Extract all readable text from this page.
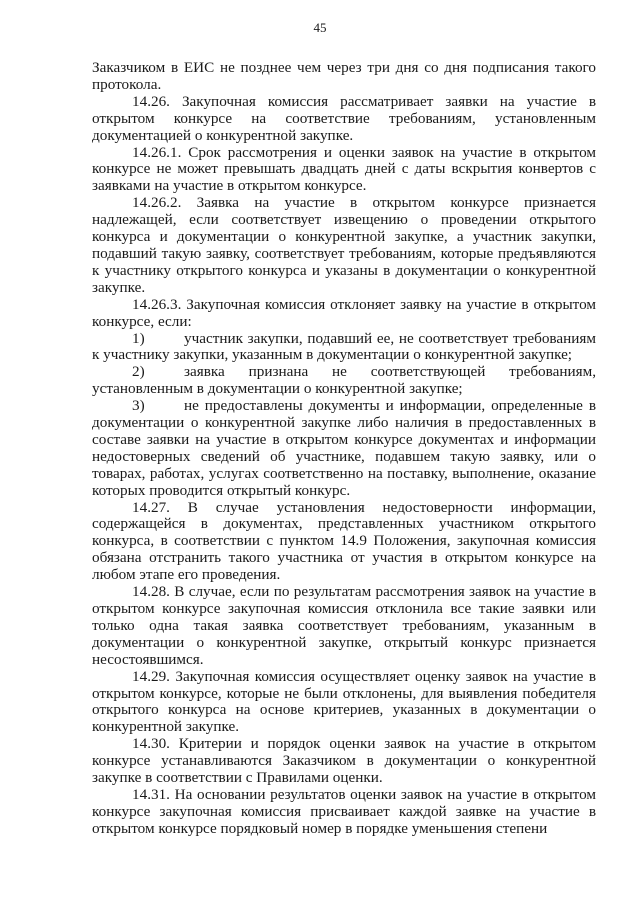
45

Заказчиком в ЕИС не позднее чем через три дня со дня подписания такого протокола.

14.26. Закупочная комиссия рассматривает заявки на участие в открытом конкурсе на соответствие требованиям, установленным документацией о конкурентной закупке.

14.26.1. Срок рассмотрения и оценки заявок на участие в открытом конкурсе не может превышать двадцать дней с даты вскрытия конвертов с заявками на участие в открытом конкурсе.

14.26.2. Заявка на участие в открытом конкурсе признается надлежащей, если соответствует извещению о проведении открытого конкурса и документации о конкурентной закупке, а участник закупки, подавший такую заявку, соответствует требованиям, которые предъявляются к участнику открытого конкурса и указаны в документации о конкурентной закупке.

14.26.3. Закупочная комиссия отклоняет заявку на участие в открытом конкурсе, если:

1)	участник закупки, подавший ее, не соответствует требованиям к участнику закупки, указанным в документации о конкурентной закупке;

2)	заявка признана не соответствующей требованиям, установленным в документации о конкурентной закупке;

3)	не предоставлены документы и информации, определенные в документации о конкурентной закупке либо наличия в предоставленных в составе заявки на участие в открытом конкурсе документах и информации недостоверных сведений об участнике, подавшем такую заявку, или о товарах, работах, услугах соответственно на поставку, выполнение, оказание которых проводится открытый конкурс.

14.27. В случае установления недостоверности информации, содержащейся в документах, представленных участником открытого конкурса, в соответствии с пунктом 14.9 Положения, закупочная комиссия обязана отстранить такого участника от участия в открытом конкурсе на любом этапе его проведения.

14.28. В случае, если по результатам рассмотрения заявок на участие в открытом конкурсе закупочная комиссия отклонила все такие заявки или только одна такая заявка соответствует требованиям, указанным в документации о конкурентной закупке, открытый конкурс признается несостоявшимся.

14.29. Закупочная комиссия осуществляет оценку заявок на участие в открытом конкурсе, которые не были отклонены, для выявления победителя открытого конкурса на основе критериев, указанных в документации о конкурентной закупке.

14.30. Критерии и порядок оценки заявок на участие в открытом конкурсе устанавливаются Заказчиком в документации о конкурентной закупке в соответствии с Правилами оценки.

14.31. На основании результатов оценки заявок на участие в открытом конкурсе закупочная комиссия присваивает каждой заявке на участие в открытом конкурсе порядковый номер в порядке уменьшения степени
